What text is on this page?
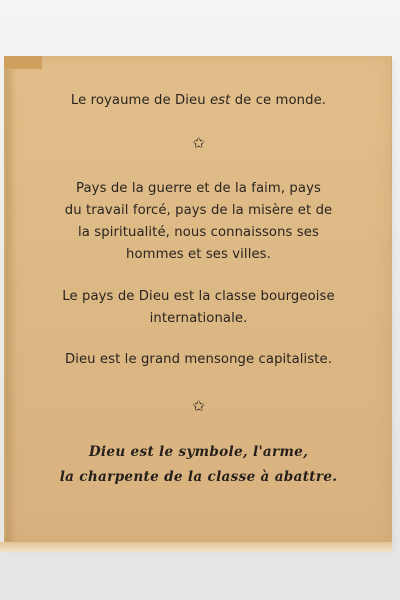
Le royaume de Dieu est de ce monde.
✩
Pays de la guerre et de la faim, pays
du travail forcé, pays de la misère et de
la spiritualité, nous connaissons ses
hommes et ses villes.
Le pays de Dieu est la classe bourgeoise
internationale.
Dieu est le grand mensonge capitaliste.
✩
Dieu est le symbole, l'arme,
la charpente de la classe à abattre.
